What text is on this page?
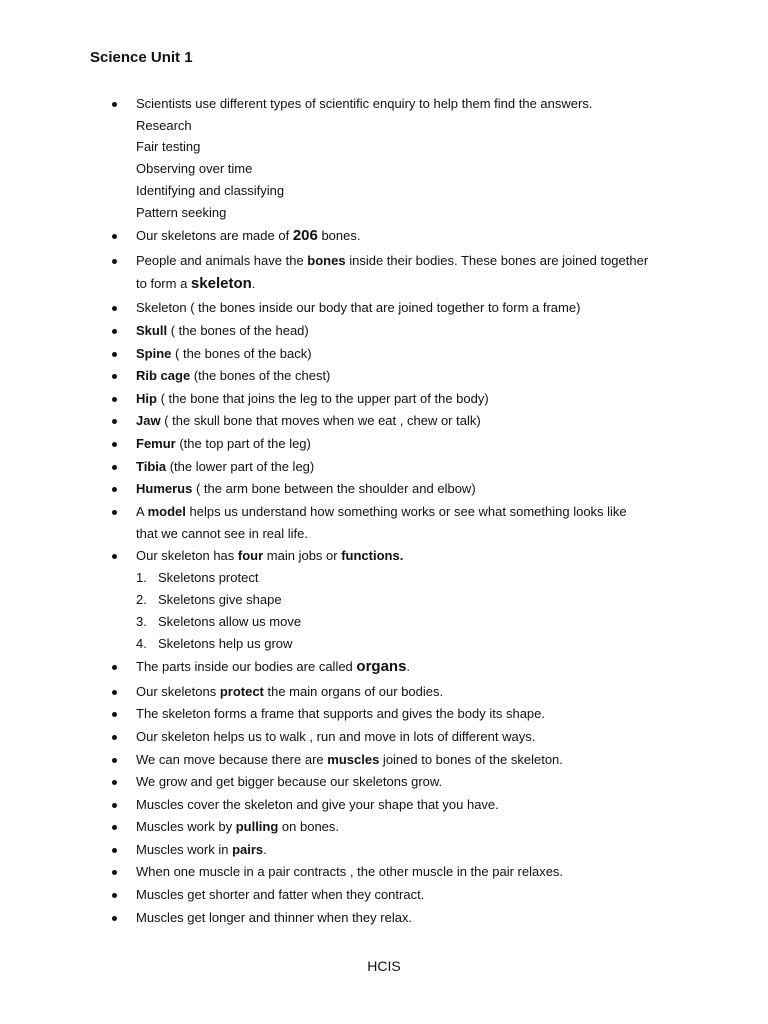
Science Unit 1
Scientists use different types of scientific enquiry to help them find the answers.
Research
Fair testing
Observing over time
Identifying and classifying
Pattern seeking
Our skeletons are made of 206 bones.
People and animals have the bones inside their bodies. These bones are joined together
to form a skeleton.
Skeleton ( the bones inside our body that are joined together to form a frame)
Skull ( the bones of the head)
Spine ( the bones of the back)
Rib cage (the bones of the chest)
Hip ( the bone that joins the leg to the upper part of the body)
Jaw ( the skull bone that moves when we eat , chew or talk)
Femur (the top part of the leg)
Tibia (the lower part of the leg)
Humerus ( the arm bone between the shoulder and elbow)
A model helps us understand how something works or see what something looks like
that we cannot see in real life.
Our skeleton has four main jobs or functions.
1. Skeletons protect
2. Skeletons give shape
3. Skeletons allow us move
4. Skeletons help us grow
The parts inside our bodies are called organs.
Our skeletons protect the main organs of our bodies.
The skeleton forms a frame that supports and gives the body its shape.
Our skeleton helps us to walk , run and move in lots of different ways.
We can move because there are muscles joined to bones of the skeleton.
We grow and get bigger because our skeletons grow.
Muscles cover the skeleton and give your shape that you have.
Muscles work by pulling on bones.
Muscles work in pairs.
When one muscle in a pair contracts , the other muscle in the pair relaxes.
Muscles get shorter and fatter when they contract.
Muscles get longer and thinner when they relax.
HCIS
